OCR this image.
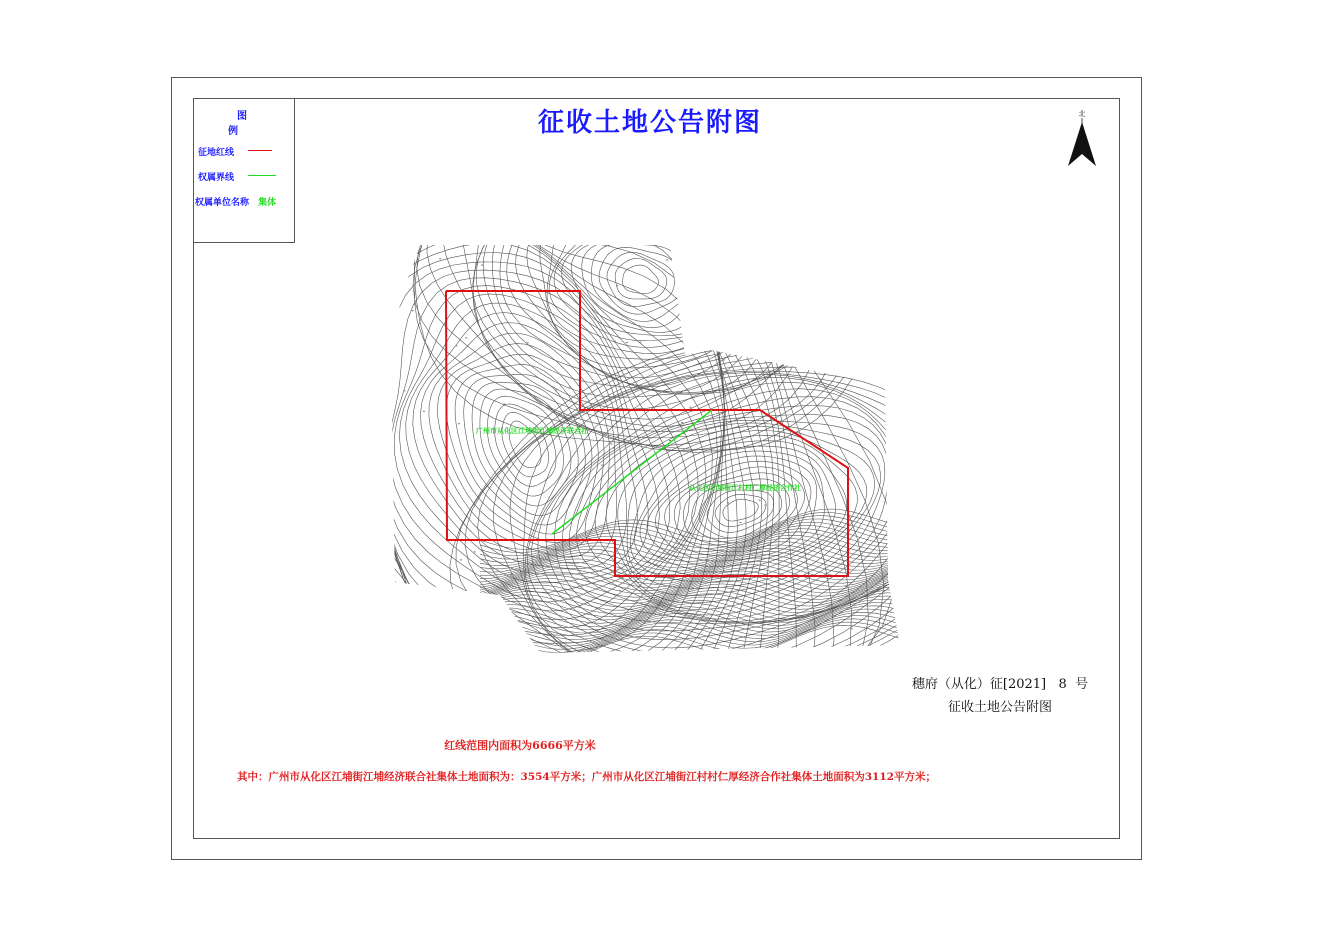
图 例
征地红线
权属界线
权属单位名称 集体
征收土地公告附图	北
广州市从化区江埔街江埔经济联合社
从化区江埔街江村村仁厚经济合作社
穗府（从化）征[2021]   8  号
征收土地公告附图
红线范围内面积为6666平方米
其中：广州市从化区江埔街江埔经济联合社集体土地面积为：3554平方米；广州市从化区江埔街江村村仁厚经济合作社集体土地面积为3112平方米；
